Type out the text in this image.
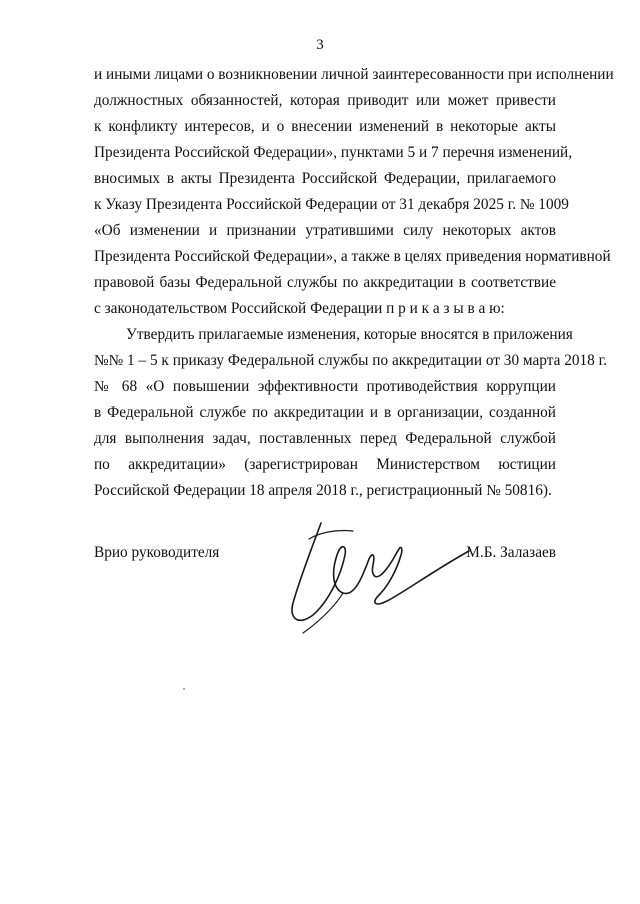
3
и иными лицами о возникновении личной заинтересованности при исполнении
должностных обязанностей, которая приводит или может привести
к конфликту интересов, и о внесении изменений в некоторые акты
Президента Российской Федерации», пунктами 5 и 7 перечня изменений,
вносимых в акты Президента Российской Федерации, прилагаемого
к Указу Президента Российской Федерации от 31 декабря 2025 г. № 1009
«Об изменении и признании утратившими силу некоторых актов
Президента Российской Федерации», а также в целях приведения нормативной
правовой базы Федеральной службы по аккредитации в соответствие
с законодательством Российской Федерации п р и к а з ы в а ю:
Утвердить прилагаемые изменения, которые вносятся в приложения
№№ 1 – 5 к приказу Федеральной службы по аккредитации от 30 марта 2018 г.
№ 68 «О повышении эффективности противодействия коррупции
в Федеральной службе по аккредитации и в организации, созданной
для выполнения задач, поставленных перед Федеральной службой
по аккредитации» (зарегистрирован Министерством юстиции
Российской Федерации 18 апреля 2018 г., регистрационный № 50816).
Врио руководителя	М.Б. Залазаев
